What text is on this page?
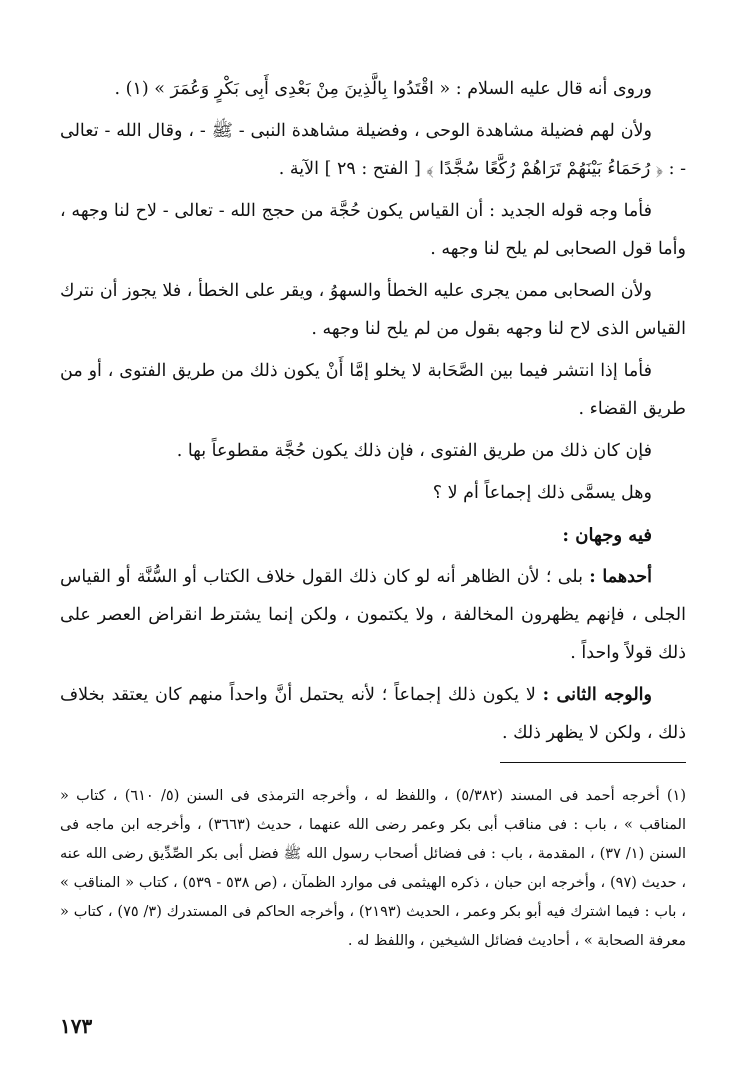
وروى أنه قال عليه السلام : « اقْتَدُوا بِالَّذِينَ مِنْ بَعْدِى أَبِى بَكْرٍ وَعُمَرَ » (١) .

ولأن لهم فضيلة مشاهدة الوحى ، وفضيلة مشاهدة النبى - ﷺ - ، وقال الله - تعالى - : ﴿ رُحَمَاءُ بَيْنَهُمْ تَرَاهُمْ رُكَّعًا سُجَّدًا ﴾ [ الفتح : ٢٩ ] الآية .

فأما وجه قوله الجديد : أن القياس يكون حُجَّة من حجج الله - تعالى - لاح لنا وجهه ، وأما قول الصحابى لم يلح لنا وجهه .

ولأن الصحابى ممن يجرى عليه الخطأ والسهوُ ، ويقر على الخطأ ، فلا يجوز أن نترك القياس الذى لاح لنا وجهه بقول من لم يلح لنا وجهه .

فأما إذا انتشر فيما بين الصَّحَابة لا يخلو إمَّا أَنْ يكون ذلك من طريق الفتوى ، أو من طريق القضاء .

فإن كان ذلك من طريق الفتوى ، فإن ذلك يكون حُجَّة مقطوعاً بها .

وهل يسمَّى ذلك إجماعاً أم لا ؟

فيه وجهان :

أحدهما : بلى ؛ لأن الظاهر أنه لو كان ذلك القول خلاف الكتاب أو السُّنَّة أو القياس الجلى ، فإنهم يظهرون المخالفة ، ولا يكتمون ، ولكن إنما يشترط انقراض العصر على ذلك قولاً واحداً .

والوجه الثانى : لا يكون ذلك إجماعاً ؛ لأنه يحتمل أنَّ واحداً منهم كان يعتقد بخلاف ذلك ، ولكن لا يظهر ذلك .

(١) أخرجه أحمد فى المسند (٥/٣٨٢) ، واللفظ له ، وأخرجه الترمذى فى السنن (٥/ ٦١٠) ، كتاب « المناقب » ، باب : فى مناقب أبى بكر وعمر رضى الله عنهما ، حديث (٣٦٦٣) ، وأخرجه ابن ماجه فى السنن (١/ ٣٧) ، المقدمة ، باب : فى فضائل أصحاب رسول الله ﷺ فضل أبى بكر الصِّدِّيق رضى الله عنه ، حديث (٩٧) ، وأخرجه ابن حبان ، ذكره الهيثمى فى موارد الظمآن ، (ص ٥٣٨ - ٥٣٩) ، كتاب « المناقب » ، باب : فيما اشترك فيه أبو بكر وعمر ، الحديث (٢١٩٣) ، وأخرجه الحاكم فى المستدرك (٣/ ٧٥) ، كتاب « معرفة الصحابة » ، أحاديث فضائل الشيخين ، واللفظ له .
١٧٣
